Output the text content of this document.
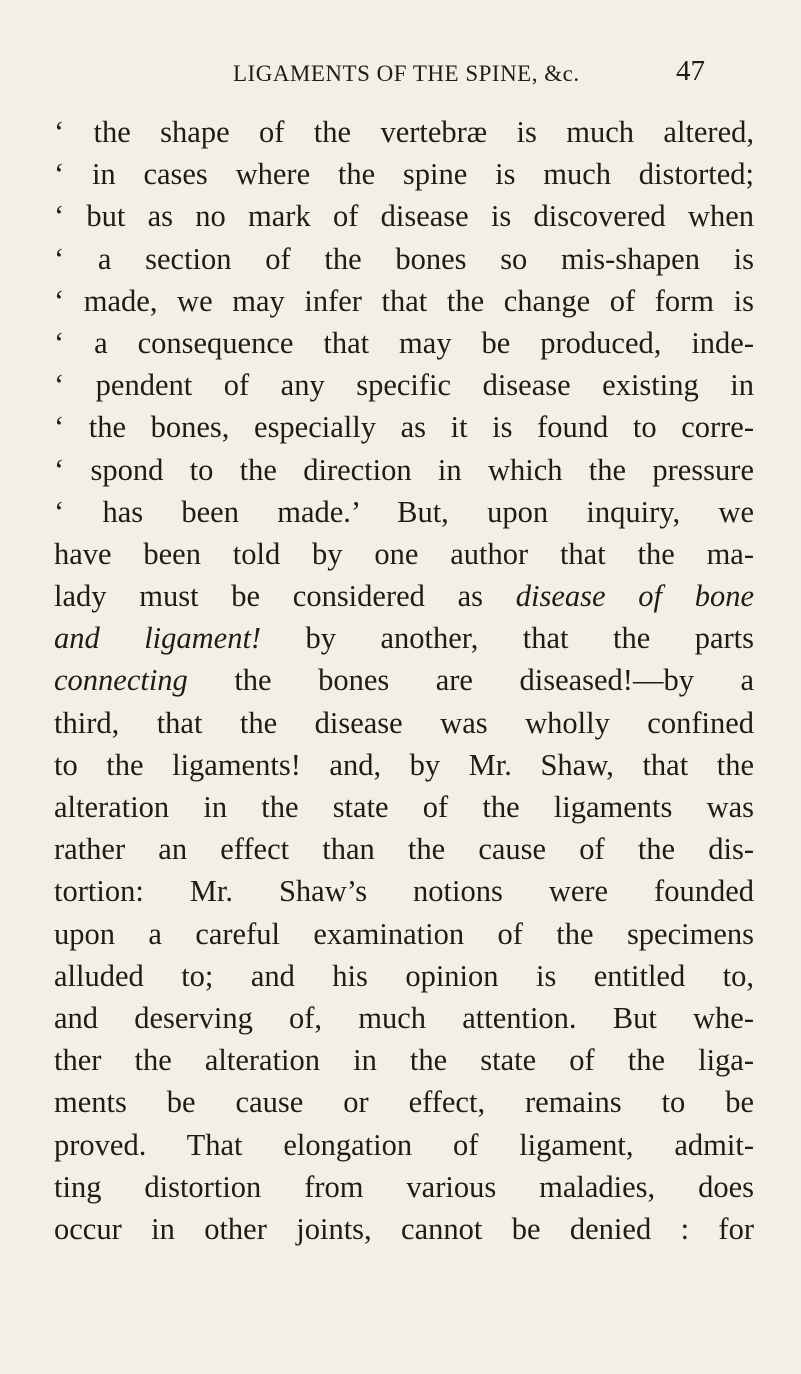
LIGAMENTS OF THE SPINE, &c.	47
‘ the shape of the vertebræ is much altered,
‘ in cases where the spine is much distorted;
‘ but as no mark of disease is discovered when
‘ a section of the bones so mis-shapen is
‘ made, we may infer that the change of form is
‘ a consequence that may be produced, inde-
‘ pendent of any specific disease existing in
‘ the bones, especially as it is found to corre-
‘ spond to the direction in which the pressure
‘ has been made.’ But, upon inquiry, we
have been told by one author that the ma-
lady must be considered as disease of bone
and ligament! by another, that the parts
connecting the bones are diseased!—by a
third, that the disease was wholly confined
to the ligaments! and, by Mr. Shaw, that the
alteration in the state of the ligaments was
rather an effect than the cause of the dis-
tortion: Mr. Shaw’s notions were founded
upon a careful examination of the specimens
alluded to; and his opinion is entitled to,
and deserving of, much attention. But whe-
ther the alteration in the state of the liga-
ments be cause or effect, remains to be
proved. That elongation of ligament, admit-
ting distortion from various maladies, does
occur in other joints, cannot be denied : for
